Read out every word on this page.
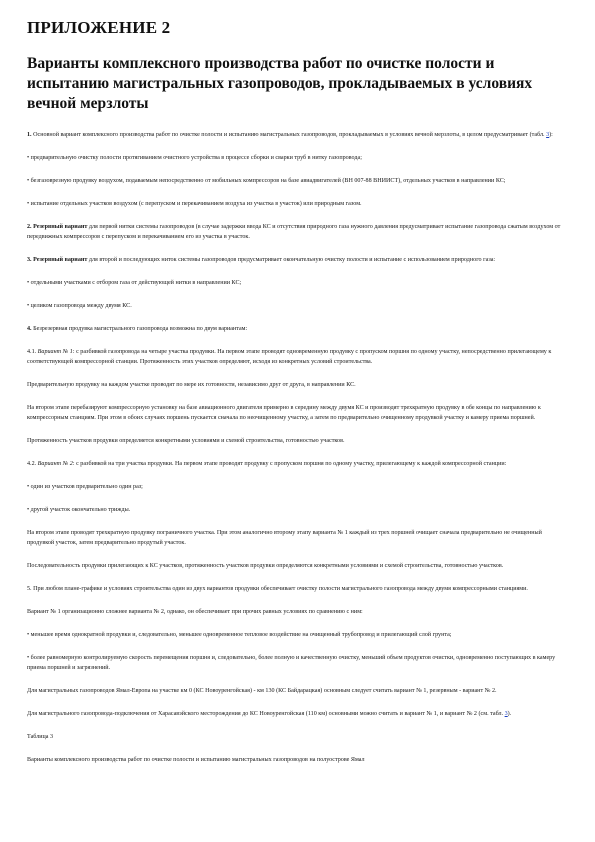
ПРИЛОЖЕНИЕ 2
Варианты комплексного производства работ по очистке полости и испытанию магистральных газопроводов, прокладываемых в условиях вечной мерзлоты

1. Основной вариант комплексного производства работ по очистке полости и испытанию магистральных газопроводов, прокладываемых в условиях вечной мерзлоты, в целом предусматривает (табл. 3):

• предварительную очистку полости протягиванием очистного устройства в процессе сборки и сварки труб в нитку газопровода;

• безгазоврезную продувку воздухом, подаваемым непосредственно от мобильных компрессоров на базе авиадвигателей (ВН 007-88 ВНИИСТ), отдельных участков в направлении КС;

• испытание отдельных участков воздухом (с перепуском и перекачиванием воздуха из участка в участок) или природным газом.

2. Резервный вариант для первой нитки системы газопроводов (в случае задержки ввода КС и отсутствия природного газа нужного давления предусматривает испытание газопровода сжатым воздухом от передвижных компрессоров с перепуском и перекачиванием его из участка в участок.

3. Резервный вариант для второй и последующих ниток системы газопроводов предусматривает окончательную очистку полости и испытание с использованием природного газа:

• отдельными участками с отбором газа от действующей нитки в направлении КС;

• целиком газопровода между двумя КС.

4. Безрезервная продувка магистрального газопровода возможна по двум вариантам:

4.1. Вариант № 1: с разбивкой газопровода на четыре участка продувки. На первом этапе проводят одновременную продувку с пропуском поршня по одному участку, непосредственно прилегающему к соответствующей компрессорной станции. Протяженность этих участков определяют, исходя из конкретных условий строительства.

Предварительную продувку на каждом участке проводят по мере их готовности, независимо друг от друга, в направлении КС.

На втором этапе перебазируют компрессорную установку на базе авиационного двигателя примерно в середину между двумя КС и производят трехкратную продувку в обе концы по направлению к компрессорным станциям. При этом в обоих случаях поршень пускается сначала по неочищенному участку, а затем по предварительно очищенному продувкой участку и камеру приема поршней.

Протяженность участков продувки определяется конкретными условиями и схемой строительства, готовностью участков.

4.2. Вариант № 2: с разбивкой на три участка продувки. На первом этапе проводят продувку с пропуском поршня по одному участку, прилегающему к каждой компрессорной станции:

• один из участков предварительно один раз;

• другой участок окончательно трижды.

На втором этапе проводят трехкратную продувку пограничного участка. При этом аналогично второму этапу варианта № 1 каждый из трех поршней очищает сначала предварительно не очищенный продувкой участок, затем предварительно продутый участок.

Последовательность продувки прилегающих к КС участков, протяженность участков продувки определяются конкретными условиями и схемой строительства, готовностью участков.

5. При любом плане-графике и условиях строительства один из двух вариантов продувки обеспечивает очистку полости магистрального газопровода между двумя компрессорными станциями.

Вариант № 1 организационно сложнее варианта № 2, однако, он обеспечивает при прочих равных условиях по сравнению с ним:

• меньшее время однократной продувки и, следовательно, меньшее одновременное тепловое воздействие на очищенный трубопровод и прилегающий слой грунта;

• более равномерную контролируемую скорость перемещения поршня и, следовательно, более полную и качественную очистку, меньший объем продуктов очистки, одновременно поступающих в камеру приема поршней и загрязнений.

Для магистральных газопроводов Ямал-Европа на участке км 0 (КС Новоуренгойская) - км 130 (КС Байдарацкая) основным следует считать вариант № 1, резервным - вариант № 2.

Для магистрального газопровода-подключения от Харасавэйского месторождения до КС Новоуренгойская (110 км) основными можно считать и вариант № 1, и вариант № 2 (см. табл. 3).

Таблица 3

Варианты комплексного производства работ по очистке полости и испытанию магистральных газопроводов на полуострове Ямал
